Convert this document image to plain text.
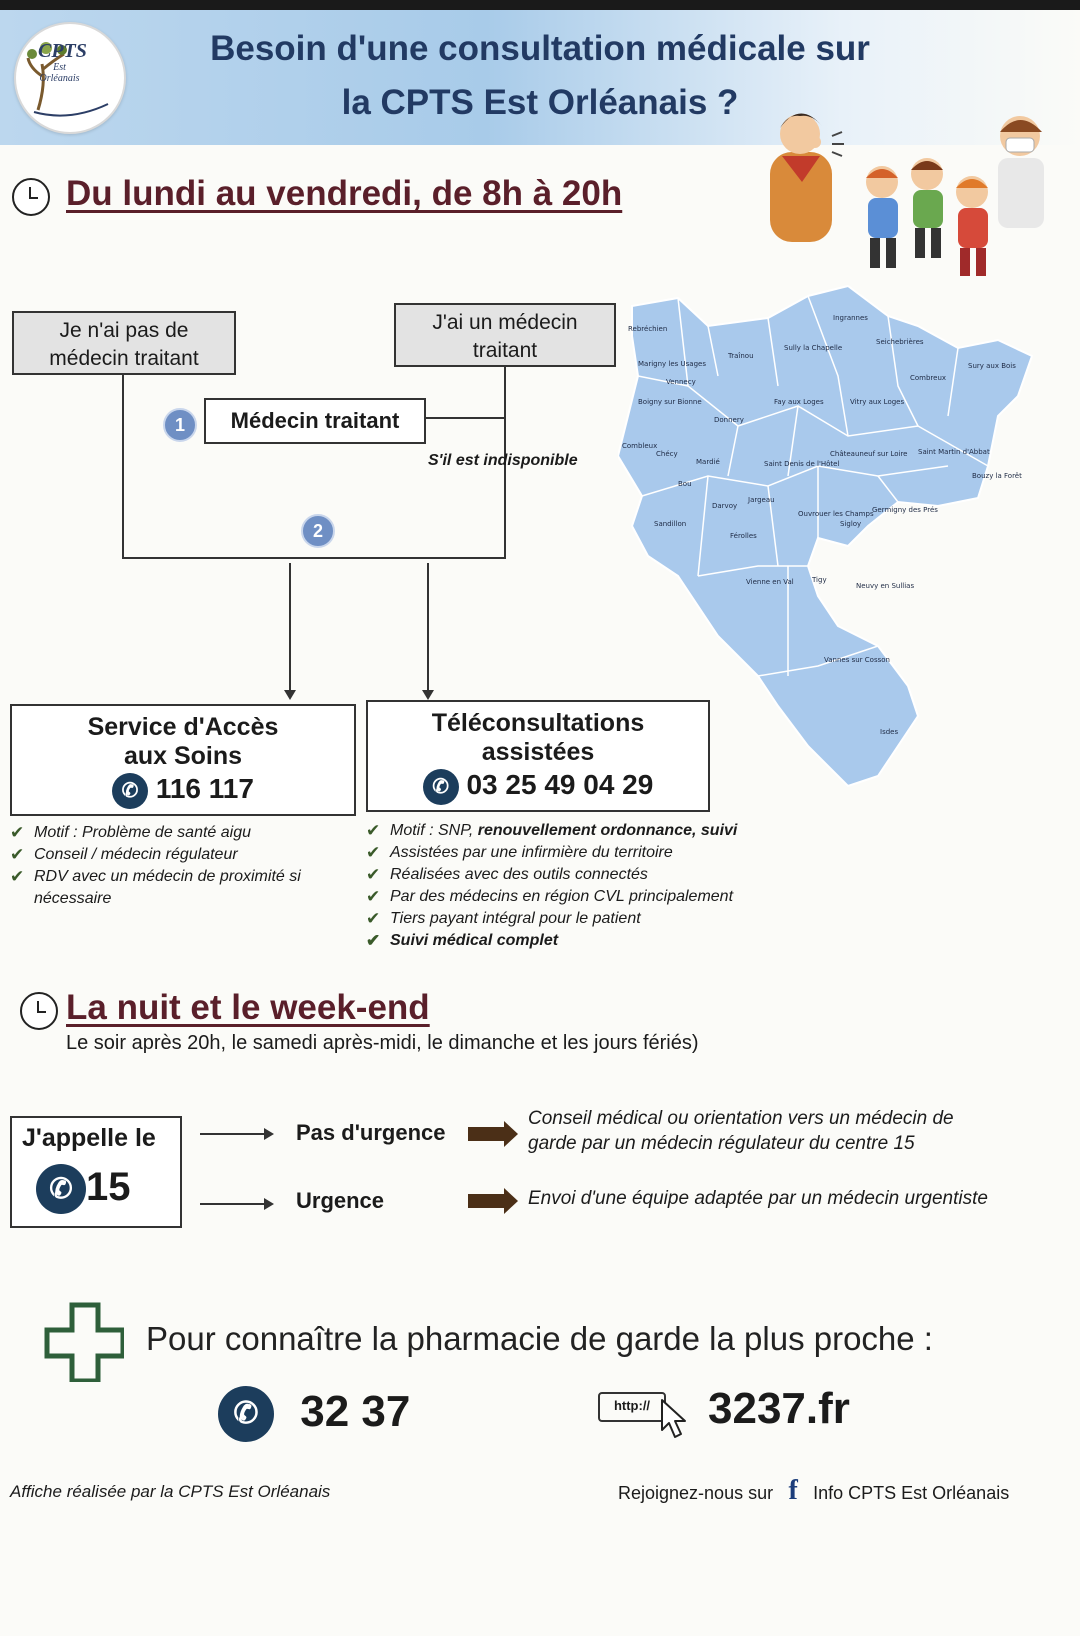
CPTS
Est Orléanais
Besoin d'une consultation médicale sur
la CPTS Est Orléanais ?
Du lundi au vendredi, de 8h à 20h
Je n'ai pas de
médecin traitant
J'ai un médecin
traitant
1	Médecin traitant
S'il est indisponible
2
Rebréchien
Ingrannes
Marigny les Usages
Traînou
Sully la Chapelle
Seichebrières
Sury aux Bois
Vennecy	Combreux
Boigny sur Bionne	Fay aux Loges	Vitry aux Loges
Donnery
Combleux
Chécy
Mardié	Saint Denis de l'Hôtel
Châteauneuf sur Loire Saint Martin d'Abbat
Bouzy la Forêt
Bou
Jargeau
Darvoy
Ouvrouer les Champs
Germigny des Prés
Sandillon	Sigloy
Férolles
Vienne en Val	Tigy
Neuvy en Sullias
Vannes sur Cosson
Isdes
Service d'Accès
aux Soins
✆ 116 117
Téléconsultations
assistées
✆ 03 25 49 04 29
✔ Motif : Problème de santé aigu
✔ Conseil / médecin régulateur
✔ RDV avec un médecin de proximité si nécessaire
✔ Motif : SNP, renouvellement ordonnance, suivi
✔ Assistées par une infirmière du territoire
✔ Réalisées avec des outils connectés
✔ Par des médecins en région CVL principalement
✔ Tiers payant intégral pour le patient
✔ Suivi médical complet
La nuit et le week-end
Le soir après 20h, le samedi après-midi, le dimanche et les jours fériés)
J'appelle le
✆ 15
Pas d'urgence
Conseil médical ou orientation vers un médecin de
garde par un médecin régulateur du centre 15
Urgence	Envoi d'une équipe adaptée par un médecin urgentiste
Pour connaître la pharmacie de garde la plus proche :
✆ 32 37	http://	3237.fr
Affiche réalisée par la CPTS Est Orléanais	Rejoignez-nous sur f Info CPTS Est Orléanais
